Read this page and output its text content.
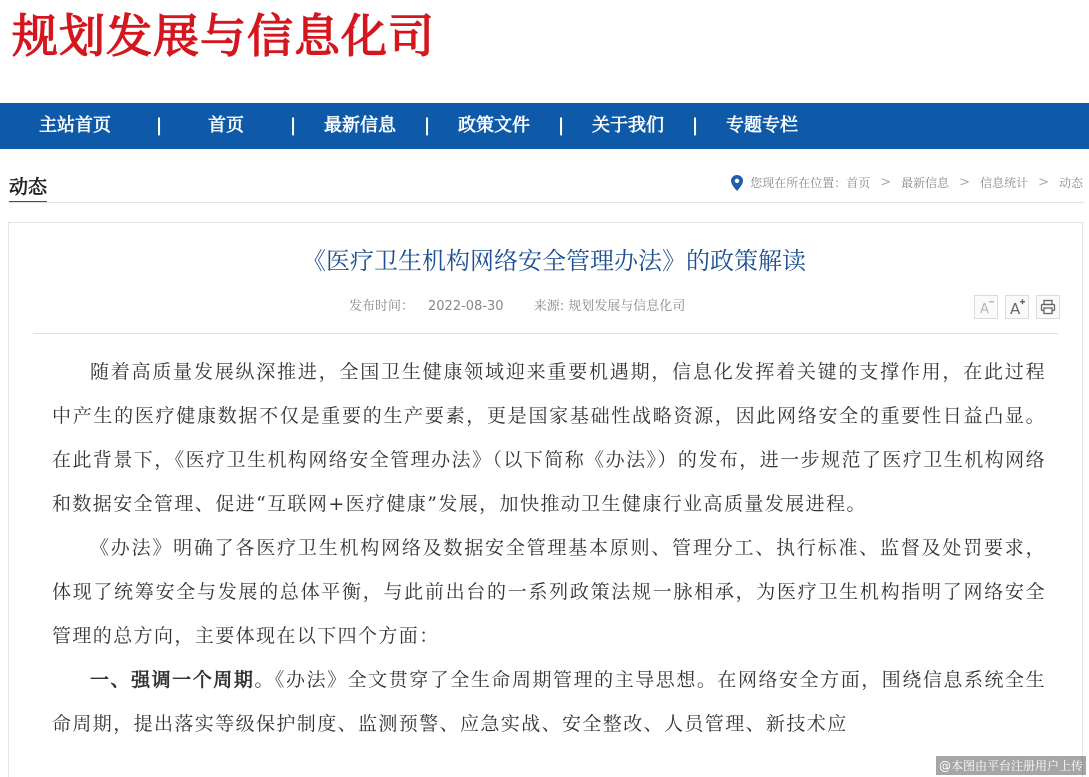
规划发展与信息化司
主站首页	|	首页	|	最新信息	|	政策文件	|	关于我们	|	专题专栏
动态	您现在所在位置： 首页 > 最新信息 > 信息统计 > 动态
《医疗卫生机构网络安全管理办法》的政策解读
发布时间： 2022-08-30 来源: 规划发展与信息化司	A A

随着高质量发展纵深推进，全国卫生健康领域迎来重要机遇期，信息化发挥着关键的支撑作用，在此过程中产生的医疗健康数据不仅是重要的生产要素，更是国家基础性战略资源，因此网络安全的重要性日益凸显。在此背景下，《医疗卫生机构网络安全管理办法》（以下简称《办法》）的发布，进一步规范了医疗卫生机构网络和数据安全管理、促进“互联网+医疗健康”发展，加快推动卫生健康行业高质量发展进程。

《办法》明确了各医疗卫生机构网络及数据安全管理基本原则、管理分工、执行标准、监督及处罚要求，体现了统筹安全与发展的总体平衡，与此前出台的一系列政策法规一脉相承，为医疗卫生机构指明了网络安全管理的总方向，主要体现在以下四个方面：

一、强调一个周期。《办法》全文贯穿了全生命周期管理的主导思想。在网络安全方面，围绕信息系统全生命周期，提出落实等级保护制度、监测预警、应急实战、安全整改、人员管理、新技术应

@本图由平台注册用户上传
